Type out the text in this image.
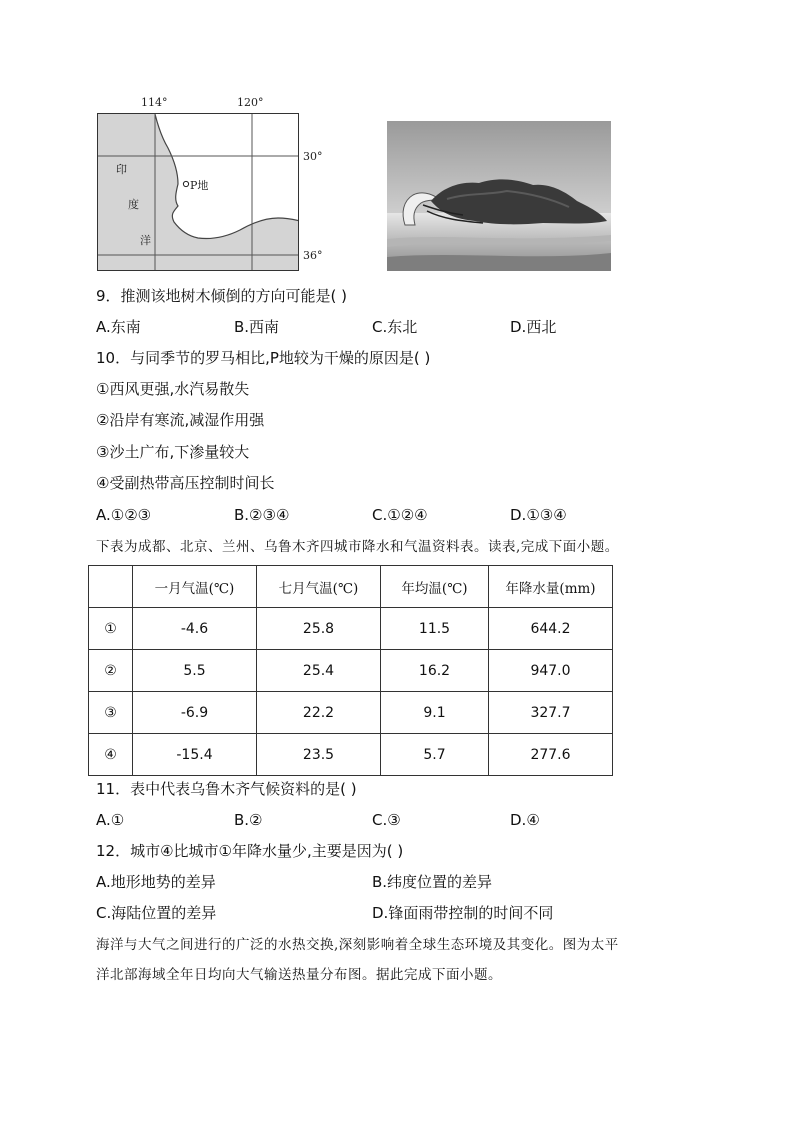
114°	120°
30°
36°
P地
印
度
洋
9．推测该地树木倾倒的方向可能是( )
A.东南	B.西南	C.东北	D.西北
10．与同季节的罗马相比,P地较为干燥的原因是( )
①西风更强,水汽易散失
②沿岸有寒流,减湿作用强
③沙土广布,下渗量较大
④受副热带高压控制时间长
A.①②③	B.②③④	C.①②④	D.①③④
下表为成都、北京、兰州、乌鲁木齐四城市降水和气温资料表。读表,完成下面小题。
	一月气温(℃)	七月气温(℃)	年均温(℃)	年降水量(mm)
①	-4.6	25.8	11.5	644.2
②	5.5	25.4	16.2	947.0
③	-6.9	22.2	9.1	327.7
④	-15.4	23.5	5.7	277.6
11．表中代表乌鲁木齐气候资料的是( )
A.①	B.②	C.③	D.④
12．城市④比城市①年降水量少,主要是因为( )
A.地形地势的差异	B.纬度位置的差异
C.海陆位置的差异	D.锋面雨带控制的时间不同
海洋与大气之间进行的广泛的水热交换,深刻影响着全球生态环境及其变化。图为太平
洋北部海域全年日均向大气输送热量分布图。据此完成下面小题。
